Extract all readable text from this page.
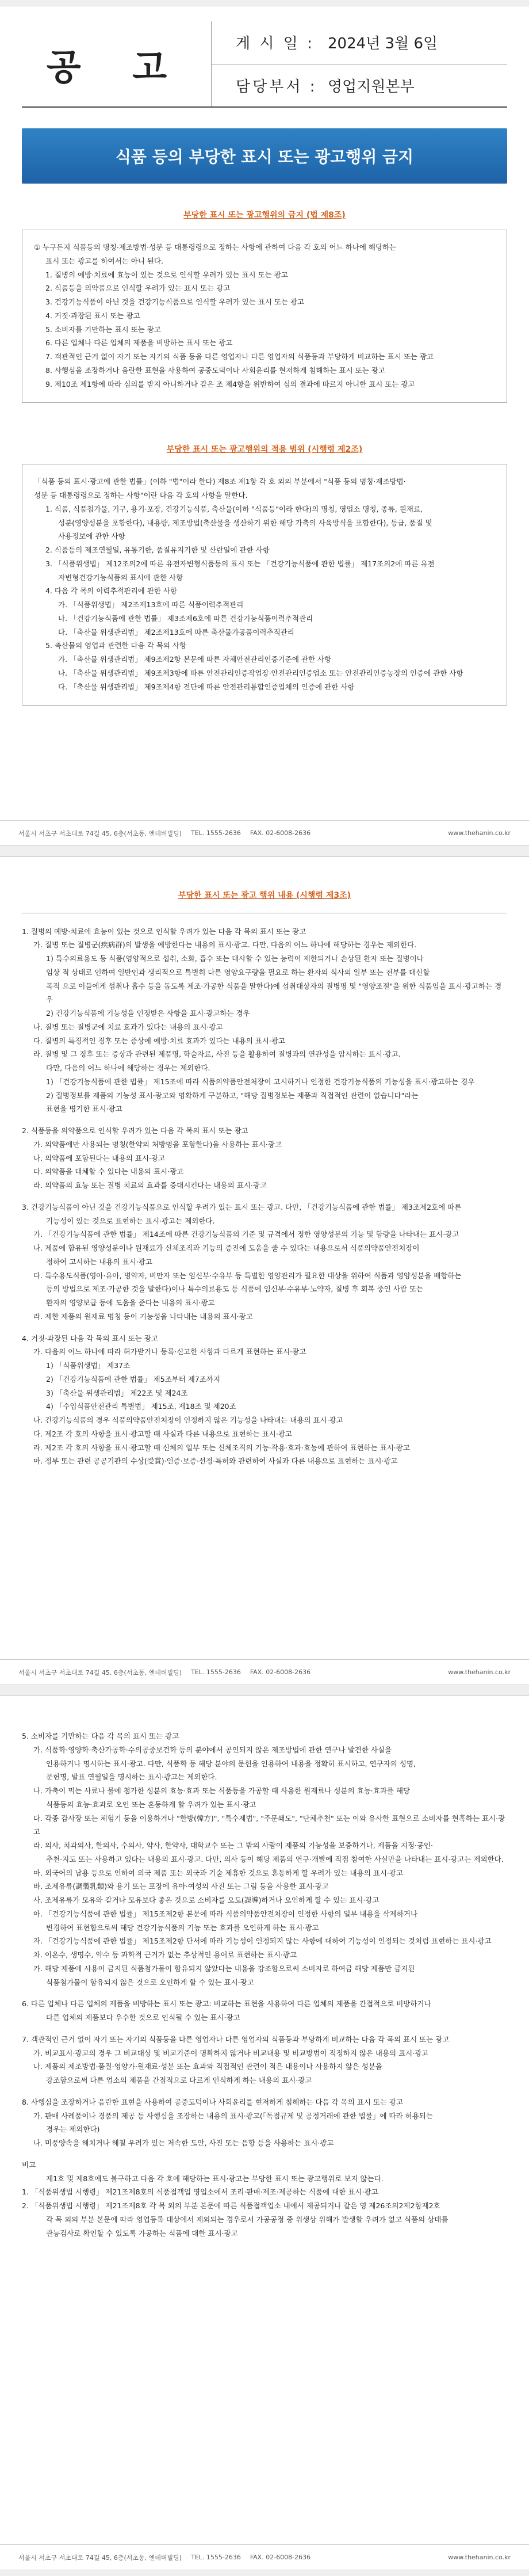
공 고
게 시 일 : 2024년 3월 6일
담당부서 : 영업지원본부
식품 등의 부당한 표시 또는 광고행위 금지
부당한 표시 또는 광고행위의 금지 (법 제8조)
① 누구든지 식품등의 명칭·제조방법·성분 등 대통령령으로 정하는 사항에 관하여 다음 각 호의 어느 하나에 해당하는
표시 또는 광고를 하여서는 아니 된다.
1. 질병의 예방·치료에 효능이 있는 것으로 인식할 우려가 있는 표시 또는 광고
2. 식품등을 의약품으로 인식할 우려가 있는 표시 또는 광고
3. 건강기능식품이 아닌 것을 건강기능식품으로 인식할 우려가 있는 표시 또는 광고
4. 거짓·과장된 표시 또는 광고
5. 소비자를 기만하는 표시 또는 광고
6. 다른 업체나 다른 업체의 제품을 비방하는 표시 또는 광고
7. 객관적인 근거 없이 자기 또는 자기의 식품 등을 다른 영업자나 다른 영업자의 식품등과 부당하게 비교하는 표시 또는 광고
8. 사행심을 조장하거나 음란한 표현을 사용하여 공중도덕이나 사회윤리를 현저하게 침해하는 표시 또는 광고
9. 제10조 제1항에 따라 심의를 받지 아니하거나 같은 조 제4항을 위반하여 심의 결과에 따르지 아니한 표시 또는 광고
부당한 표시 또는 광고행위의 적용 범위 (시행령 제2조)
「식품 등의 표시·광고에 관한 법률」(이하 "법"이라 한다) 제8조 제1항 각 호 외의 부분에서 "식품 등의 명칭·제조방법·
성분 등 대통령령으로 정하는 사항"이란 다음 각 호의 사항을 말한다.
1. 식품, 식품첨가물, 기구, 용기·포장, 건강기능식품, 축산물(이하 "식품등"이라 한다)의 명칭, 영업소 명칭, 종류, 원재료,
성분(영양성분을 포함한다), 내용량, 제조방법(축산물을 생산하기 위한 해당 가축의 사육방식을 포함한다), 등급, 품질 및
사용정보에 관한 사항
2. 식품등의 제조연월일, 유통기한, 품질유지기한 및 산란일에 관한 사항
3. 「식품위생법」 제12조의2에 따른 유전자변형식품등의 표시 또는 「건강기능식품에 관한 법률」 제17조의2에 따른 유전
자변형건강기능식품의 표시에 관한 사항
4. 다음 각 목의 이력추적관리에 관한 사항
가. 「식품위생법」 제2조제13호에 따른 식품이력추적관리
나. 「건강기능식품에 관한 법률」 제3조제6호에 따른 건강기능식품이력추적관리
다. 「축산물 위생관리법」 제2조제13호에 따른 축산물가공품이력추적관리
5. 축산물의 영업과 관련한 다음 각 목의 사항
가. 「축산물 위생관리법」 제9조제2항 본문에 따른 자체안전관리인증기준에 관한 사항
나. 「축산물 위생관리법」 제9조제3항에 따른 안전관리인증작업장·안전관리인증업소 또는 안전관리인증농장의 인증에 관한 사항
다. 「축산물 위생관리법」 제9조제4항 전단에 따른 안전관리통합인증업체의 인증에 관한 사항
서울시 서초구 서초대로 74길 45, 6층(서초동, 엔데버빌딩) TEL. 1555-2636 FAX. 02-6008-2636	www.thehanin.co.kr
부당한 표시 또는 광고 행위 내용 (시행령 제3조)
1. 질병의 예방·치료에 효능이 있는 것으로 인식할 우려가 있는 다음 각 목의 표시 또는 광고
가. 질병 또는 질병군(疾病群)의 발생을 예방한다는 내용의 표시·광고. 다만, 다음의 어느 하나에 해당하는 경우는 제외한다.
1) 특수의료용도 등 식품(영양적으로 섭취, 소화, 흡수 또는 대사할 수 있는 능력이 제한되거나 손상된 환자 또는 질병이나
임상 적 상태로 인하여 일반인과 생리적으로 특별히 다른 영양요구량을 필요로 하는 환자의 식사의 일부 또는 전부를 대신할
목적 으로 이들에게 섭취나 흡수 등을 돕도록 제조·가공한 식품을 말한다)에 섭취대상자의 질병명 및 "영양조절"을 위한 식품임을 표시·광고하는 경우
2) 건강기능식품에 기능성을 인정받은 사항을 표시·광고하는 경우
나. 질병 또는 질병군에 치료 효과가 있다는 내용의 표시·광고
다. 질병의 특징적인 징후 또는 증상에 예방·치료 효과가 있다는 내용의 표시·광고
라. 질병 및 그 징후 또는 증상과 관련된 제품명, 학술자료, 사진 등을 활용하여 질병과의 연관성을 암시하는 표시·광고.
다만, 다음의 어느 하나에 해당하는 경우는 제외한다.
1) 「건강기능식품에 관한 법률」 제15조에 따라 식품의약품안전처장이 고시하거나 인정한 건강기능식품의 기능성을 표시·광고하는 경우
2) 질병정보를 제품의 기능성 표시·광고와 명확하게 구분하고, "해당 질병정보는 제품과 직접적인 관련이 없습니다"라는
표현을 병기한 표시·광고
2. 식품등을 의약품으로 인식할 우려가 있는 다음 각 목의 표시 또는 광고
가. 의약품에만 사용되는 명칭(한약의 처방명을 포함한다)을 사용하는 표시·광고
나. 의약품에 포함된다는 내용의 표시·광고
다. 의약품을 대체할 수 있다는 내용의 표시·광고
라. 의약품의 효능 또는 질병 치료의 효과를 증대시킨다는 내용의 표시·광고
3. 건강기능식품이 아닌 것을 건강기능식품으로 인식할 우려가 있는 표시 또는 광고. 다만, 「건강기능식품에 관한 법률」 제3조제2호에 따른
기능성이 있는 것으로 표현하는 표시·광고는 제외한다.
가. 「건강기능식품에 관한 법률」 제14조에 따른 건강기능식품의 기준 및 규격에서 정한 영양성분의 기능 및 함량을 나타내는 표시·광고
나. 제품에 함유된 영양성분이나 원재료가 신체조직과 기능의 증진에 도움을 줄 수 있다는 내용으로서 식품의약품안전처장이
정하여 고시하는 내용의 표시·광고
다. 특수용도식품(영아·유아, 병약자, 비만자 또는 임신부·수유부 등 특별한 영양관리가 필요한 대상을 위하여 식품과 영양성분을 배합하는
등의 방법으로 제조·가공한 것을 말한다)이나 특수의료용도 등 식품에 임신부·수유부·노약자, 질병 후 회복 중인 사람 또는
환자의 영양보급 등에 도움을 준다는 내용의 표시·광고
라. 제한 제품의 원재료 명칭 등이 기능성을 나타내는 내용의 표시·광고
4. 거짓·과장된 다음 각 목의 표시 또는 광고
가. 다음의 어느 하나에 따라 허가받거나 등록·신고한 사항과 다르게 표현하는 표시·광고
1) 「식품위생법」 제37조
2) 「건강기능식품에 관한 법률」 제5조부터 제7조까지
3) 「축산물 위생관리법」 제22조 및 제24조
4) 「수입식품안전관리 특별법」 제15조, 제18조 및 제20조
나. 건강기능식품의 경우 식품의약품안전처장이 인정하지 않은 기능성을 나타내는 내용의 표시·광고
다. 제2조 각 호의 사항을 표시·광고할 때 사실과 다른 내용으로 표현하는 표시·광고
라. 제2조 각 호의 사항을 표시·광고할 때 신체의 일부 또는 신체조직의 기능·작용·효과·효능에 관하여 표현하는 표시·광고
마. 정부 또는 관련 공공기관의 수상(受賞)·인증·보증·선정·특허와 관련하여 사실과 다른 내용으로 표현하는 표시·광고
서울시 서초구 서초대로 74길 45, 6층(서초동, 엔데버빌딩) TEL. 1555-2636 FAX. 02-6008-2636	www.thehanin.co.kr
5. 소비자를 기만하는 다음 각 목의 표시 또는 광고
가. 식품학·영양학·축산가공학·수의공중보건학 등의 분야에서 공인되지 않은 제조방법에 관한 연구나 발견한 사실을
인용하거나 명시하는 표시·광고. 다만, 식품학 등 해당 분야의 문헌을 인용하여 내용을 정확히 표시하고, 연구자의 성명,
문헌명, 발표 연월일을 명시하는 표시·광고는 제외한다.
나. 가축이 먹는 사료나 물에 첨가한 성분의 효능·효과 또는 식품등을 가공할 때 사용한 원재료나 성분의 효능·효과를 해당
식품등의 효능·효과로 오인 또는 혼동하게 할 우려가 있는 표시·광고
다. 각종 감사장 또는 체험기 등을 이용하거나 "한방(韓方)", "특수제법", "주문쇄도", "단체추천" 또는 이와 유사한 표현으로 소비자를 현혹하는 표시·광고
라. 의사, 치과의사, 한의사, 수의사, 약사, 한약사, 대학교수 또는 그 밖의 사람이 제품의 기능성을 보증하거나, 제품을 지정·공인·
추천·지도 또는 사용하고 있다는 내용의 표시·광고. 다만, 의사 등이 해당 제품의 연구·개발에 직접 참여한 사실만을 나타내는 표시·광고는 제외한다.
마. 외국어의 남용 등으로 인하여 외국 제품 또는 외국과 기술 제휴한 것으로 혼동하게 할 우려가 있는 내용의 표시·광고
바. 조제유류(調製乳類)와 용기 또는 포장에 유아·여성의 사진 또는 그림 등을 사용한 표시·광고
사. 조제유류가 모유와 같거나 모유보다 좋은 것으로 소비자를 오도(誤導)하거나 오인하게 할 수 있는 표시·광고
아. 「건강기능식품에 관한 법률」 제15조제2항 본문에 따라 식품의약품안전처장이 인정한 사항의 일부 내용을 삭제하거나
변경하여 표현함으로써 해당 건강기능식품의 기능 또는 효과를 오인하게 하는 표시·광고
자. 「건강기능식품에 관한 법률」 제15조제2항 단서에 따라 기능성이 인정되지 않는 사항에 대하여 기능성이 인정되는 것처럼 표현하는 표시·광고
차. 이온수, 생명수, 약수 등 과학적 근거가 없는 추상적인 용어로 표현하는 표시·광고
카. 해당 제품에 사용이 금지된 식품첨가물이 함유되지 않았다는 내용을 강조함으로써 소비자로 하여금 해당 제품만 금지된
식품첨가물이 함유되지 않은 것으로 오인하게 할 수 있는 표시·광고
6. 다른 업체나 다른 업체의 제품을 비방하는 표시 또는 광고: 비교하는 표현을 사용하여 다른 업체의 제품을 간접적으로 비방하거나
다른 업체의 제품보다 우수한 것으로 인식될 수 있는 표시·광고
7. 객관적인 근거 없이 자기 또는 자기의 식품등을 다른 영업자나 다른 영업자의 식품등과 부당하게 비교하는 다음 각 목의 표시 또는 광고
가. 비교표시·광고의 경우 그 비교대상 및 비교기준이 명확하지 않거나 비교내용 및 비교방법이 적정하지 않은 내용의 표시·광고
나. 제품의 제조방법·품질·영양가·원재료·성분 또는 효과와 직접적인 관련이 적은 내용이나 사용하지 않은 성분을
강조함으로써 다른 업소의 제품을 간접적으로 다르게 인식하게 하는 내용의 표시·광고
8. 사행심을 조장하거나 음란한 표현을 사용하여 공중도덕이나 사회윤리를 현저하게 침해하는 다음 각 목의 표시 또는 광고
가. 판매 사례품이나 경품의 제공 등 사행심을 조장하는 내용의 표시·광고(「독점규제 및 공정거래에 관한 법률」에 따라 허용되는
경우는 제외한다)
나. 미풍양속을 해치거나 해칠 우려가 있는 저속한 도안, 사진 또는 음향 등을 사용하는 표시·광고
비고
제1호 및 제8호에도 불구하고 다음 각 호에 해당하는 표시·광고는 부당한 표시 또는 광고행위로 보지 않는다.
1. 「식품위생법 시행령」 제21조제8호의 식품접객업 영업소에서 조리·판매·제조·제공하는 식품에 대한 표시·광고
2. 「식품위생법 시행령」 제21조제8호 각 목 외의 부분 본문에 따른 식품접객업소 내에서 제공되거나 같은 영 제26조의2제2항제2호
각 목 외의 부분 본문에 따라 영업등록 대상에서 제외되는 경우로서 가공공정 중 위생상 위해가 발생할 우려가 없고 식품의 상태를
관능검사로 확인할 수 있도록 가공하는 식품에 대한 표시·광고
서울시 서초구 서초대로 74길 45, 6층(서초동, 엔데버빌딩) TEL. 1555-2636 FAX. 02-6008-2636	www.thehanin.co.kr
